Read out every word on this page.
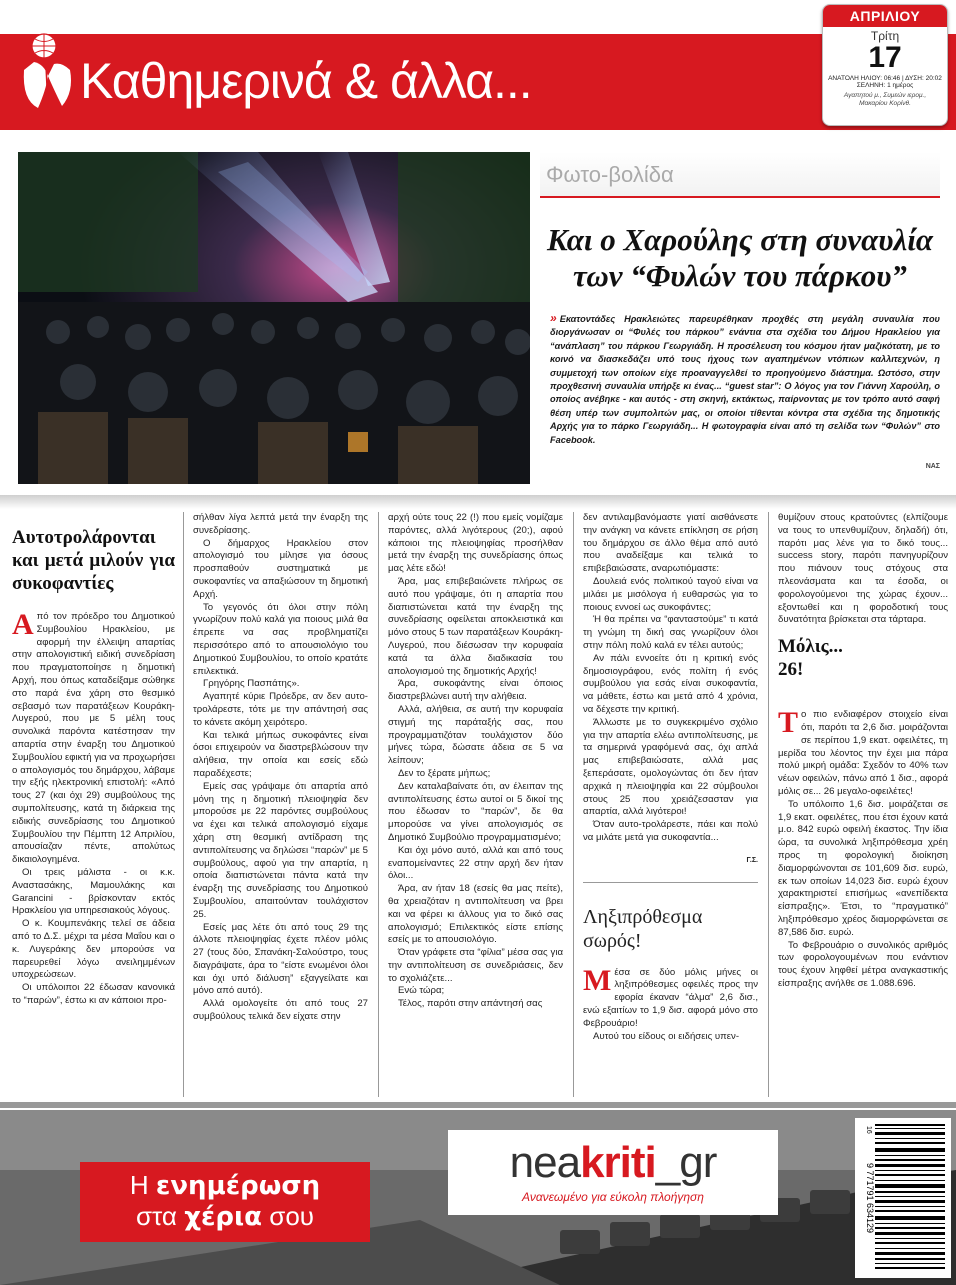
Καθημερινά & άλλα...
ΑΠΡΙΛΙΟΥ
Τρίτη
17
ΑΝΑΤΟΛΗ ΗΛΙΟΥ: 06:46 | ΔΥΣΗ: 20:02
ΣΕΛΗΝΗ: 1 ημέρος
Αγαπητού μ., Συμεών ιερομ.,
Μακαρίου Κορίνθ.
Φωτο-βολίδα
Και ο Χαρούλης στη συναυλία
των “Φυλών του πάρκου”

» Εκατοντάδες Ηρακλειώτες παρευρέθηκαν προχθές στη μεγάλη συναυλία που διοργάνωσαν οι “Φυλές του πάρκου” ενάντια στα σχέδια του Δήμου Ηρακλείου για “ανάπλαση” του πάρκου Γεωργιάδη. Η προσέλευση του κόσμου ήταν μαζικότατη, με το κοινό να διασκεδάζει υπό τους ήχους των αγαπημένων ντόπιων καλλιτεχνών, η συμμετοχή των οποίων είχε προαναγγελθεί το προηγούμενο διάστημα. Ωστόσο, στην προχθεσινή συναυλία υπήρξε κι ένας... “guest star”: Ο λόγος για τον Γιάννη Χαρούλη, ο οποίος ανέβηκε - και αυτός - στη σκηνή, εκτάκτως, παίρνοντας με τον τρόπο αυτό σαφή θέση υπέρ των συμπολιτών μας, οι οποίοι τίθενται κόντρα στα σχέδια της δημοτικής Αρχής για το πάρκο Γεωργιάδη... Η φωτογραφία είναι από τη σελίδα των “Φυλών” στο Facebook.

ΝΑΣ
Αυτοτρολάρονται και μετά μιλούν για συκοφαντίες

Από τον πρόεδρο του Δημοτικού Συμβουλίου Ηρακλείου, με αφορμή την έλλειψη απαρτίας στην απολογιστική ειδική συνεδρίαση που πραγματοποίησε η δημοτική Αρχή, που όπως καταδείξαμε σώθηκε στο παρά ένα χάρη στο θεσμικό σεβασμό των παρατάξεων Κουράκη-Λυγερού, που με 5 μέλη τους συνολικά παρόντα κατέστησαν την απαρτία στην έναρξη του Δημοτικού Συμβουλίου εφικτή για να προχωρήσει ο απολογισμός του δημάρχου, λάβαμε την εξής ηλεκτρονική επιστολή: «Από τους 27 (και όχι 29) συμβούλους της συμπολίτευσης, κατά τη διάρκεια της ειδικής συνεδρίασης του Δημοτικού Συμβουλίου την Πέμπτη 12 Απριλίου, απουσίαζαν πέντε, απολύτως δικαιολογημένα.

Οι τρεις μάλιστα - οι κ.κ. Αναστασάκης, Μαμουλάκης και Garancini - βρίσκονταν εκτός Ηρακλείου για υπηρεσιακούς λόγους.

Ο κ. Κουμπενάκης τελεί σε άδεια από το Δ.Σ. μέχρι τα μέσα Μαΐου και ο κ. Λυγεράκης δεν μπορούσε να παρευρεθεί λόγω ανειλημμένων υποχρεώσεων.

Οι υπόλοιποι 22 έδωσαν κανονικά το “παρών”, έστω κι αν κάποιοι προ-

σήλθαν λίγα λεπτά μετά την έναρξη της συνεδρίασης.

Ο δήμαρχος Ηρακλείου στον απολογισμό του μίλησε για όσους προσπαθούν συστηματικά με συκοφαντίες να απαξιώσουν τη δημοτική Αρχή.

Το γεγονός ότι όλοι στην πόλη γνωρίζουν πολύ καλά για ποιους μιλά θα έπρεπε να σας προβληματίζει περισσότερο από το απουσιολόγιο του Δημοτικού Συμβουλίου, το οποίο κρατάτε επιλεκτικά.

Γρηγόρης Πασπάτης».

Αγαπητέ κύριε Πρόεδρε, αν δεν αυτο-τρολάρεστε, τότε με την απάντησή σας το κάνετε ακόμη χειρότερο.

Και τελικά μήπως συκοφάντες είναι όσοι επιχειρούν να διαστρεβλώσουν την αλήθεια, την οποία και εσείς εδώ παραδέχεστε;

Εμείς σας γράψαμε ότι απαρτία από μόνη της η δημοτική πλειοψηφία δεν μπορούσε με 22 παρόντες συμβούλους να έχει και τελικά απολογισμό είχαμε χάρη στη θεσμική αντίδραση της αντιπολίτευσης να δηλώσει “παρών” με 5 συμβούλους, αφού για την απαρτία, η οποία διαπιστώνεται πάντα κατά την έναρξη της συνεδρίασης του Δημοτικού Συμβουλίου, απαιτούνταν τουλάχιστον 25.

Εσείς μας λέτε ότι από τους 29 της άλλοτε πλειοψηφίας έχετε πλέον μόλις 27 (τους δύο, Σπανάκη-Σαλούστρο, τους διαγράψατε, άρα το “είστε ενωμένοι όλοι και όχι υπό διάλυση” εξαγγείλατε και μόνο από αυτό).

Αλλά ομολογείτε ότι από τους 27 συμβούλους τελικά δεν είχατε στην

αρχή ούτε τους 22 (!) που εμείς νομίζαμε παρόντες, αλλά λιγότερους (20;), αφού κάποιοι της πλειοψηφίας προσήλθαν μετά την έναρξη της συνεδρίασης όπως μας λέτε εδώ!

Άρα, μας επιβεβαιώνετε πλήρως σε αυτό που γράψαμε, ότι η απαρτία που διαπιστώνεται κατά την έναρξη της συνεδρίασης οφείλεται αποκλειστικά και μόνο στους 5 των παρατάξεων Κουράκη-Λυγερού, που διέσωσαν την κορυφαία κατά τα άλλα διαδικασία του απολογισμού της δημοτικής Αρχής!

Άρα, συκοφάντης είναι όποιος διαστρεβλώνει αυτή την αλήθεια.

Αλλά, αλήθεια, σε αυτή την κορυφαία στιγμή της παράταξής σας, που προγραμματιζόταν τουλάχιστον δύο μήνες τώρα, δώσατε άδεια σε 5 να λείπουν;

Δεν το ξέρατε μήπως;

Δεν καταλαβαίνατε ότι, αν έλειπαν της αντιπολίτευσης έστω αυτοί οι 5 δικοί της που έδωσαν το “παρών”, δε θα μπορούσε να γίνει απολογισμός σε Δημοτικό Συμβούλιο προγραμματισμένο;

Και όχι μόνο αυτό, αλλά και από τους εναπομείναντες 22 στην αρχή δεν ήταν όλοι...

Άρα, αν ήταν 18 (εσείς θα μας πείτε), θα χρειαζόταν η αντιπολίτευση να βρει και να φέρει κι άλλους για το δικό σας απολογισμό; Επιλεκτικός είστε επίσης εσείς με το απουσιολόγιο.

Όταν γράφετε στα “φίλια” μέσα σας για την αντιπολίτευση σε συνεδριάσεις, δεν το σχολιάζετε...

Ενώ τώρα;

Τέλος, παρότι στην απάντησή σας

δεν αντιλαμβανόμαστε γιατί αισθάνεστε την ανάγκη να κάνετε επίκληση σε ρήση του δημάρχου σε άλλο θέμα από αυτό που αναδείξαμε και τελικά το επιβεβαιώσατε, αναρωτιόμαστε:

Δουλειά ενός πολιτικού ταγού είναι να μιλάει με μισόλογα ή ευθαρσώς για το ποιους εννοεί ως συκοφάντες;

Ή θα πρέπει να “φανταστούμε” τι κατά τη γνώμη τη δική σας γνωρίζουν όλοι στην πόλη πολύ καλά εν τέλει αυτούς;

Αν πάλι εννοείτε ότι η κριτική ενός δημοσιογράφου, ενός πολίτη ή ενός συμβούλου για εσάς είναι συκοφαντία, να μάθετε, έστω και μετά από 4 χρόνια, να δέχεστε την κριτική.

Άλλωστε με το συγκεκριμένο σχόλιο για την απαρτία ελέω αντιπολίτευσης, με τα σημερινά γραφόμενά σας, όχι απλά μας επιβεβαιώσατε, αλλά μας ξεπεράσατε, ομολογώντας ότι δεν ήταν αρχικά η πλειοψηφία και 22 σύμβουλοι στους 25 που χρειάζεσασταν για απαρτία, αλλά λιγότεροι!

Όταν αυτο-τρολάρεστε, πάει και πολύ να μιλάτε μετά για συκοφαντία...

Γ.Σ.
Ληξιπρόθεσμα σωρός!

Μέσα σε δύο μόλις μήνες οι ληξιπρόθεσμες οφειλές προς την εφορία έκαναν “άλμα” 2,6 δισ., ενώ εξαιτίων το 1,9 δισ. αφορά μόνο στο Φεβρουάριο!

Αυτού του είδους οι ειδήσεις υπεν-

θυμίζουν στους κρατούντες (ελπίζουμε να τους το υπενθυμίζουν, δηλαδή) ότι, παρότι μας λένε για το δικό τους... success story, παρότι πανηγυρίζουν που πιάνουν τους στόχους στα πλεονάσματα και τα έσοδα, οι φορολογούμενοι της χώρας έχουν... εξοντωθεί και η φοροδοτική τους δυνατότητα βρίσκεται στα τάρταρα.

Μόλις... 26!

Το πιο ενδιαφέρον στοιχείο είναι ότι, παρότι τα 2,6 δισ. μοιράζονται σε περίπου 1,9 εκατ. οφειλέτες, τη μερίδα του λέοντος την έχει μια πάρα πολύ μικρή ομάδα: Σχεδόν το 40% των νέων οφειλών, πάνω από 1 δισ., αφορά μόλις σε... 26 μεγαλο-οφειλέτες!

Το υπόλοιπο 1,6 δισ. μοιράζεται σε 1,9 εκατ. οφειλέτες, που έτσι έχουν κατά μ.ο. 842 ευρώ οφειλή έκαστος. Την ίδια ώρα, τα συνολικά ληξιπρόθεσμα χρέη προς τη φορολογική διοίκηση διαμορφώνονται σε 101,609 δισ. ευρώ, εκ των οποίων 14,023 δισ. ευρώ έχουν χαρακτηριστεί επισήμως «ανεπίδεκτα είσπραξης». Έτσι, το “πραγματικό” ληξιπρόθεσμο χρέος διαμορφώνεται σε 87,586 δισ. ευρώ.

Το Φεβρουάριο ο συνολικός αριθμός των φορολογουμένων που ενάντιον τους έχουν ληφθεί μέτρα αναγκαστικής είσπραξης ανήλθε σε 1.088.696.

Η ενημέρωση
στα χέρια σου
neakriti_gr
Ανανεωμένο για εύκολη πλοήγηση	9 771791 634129
16
